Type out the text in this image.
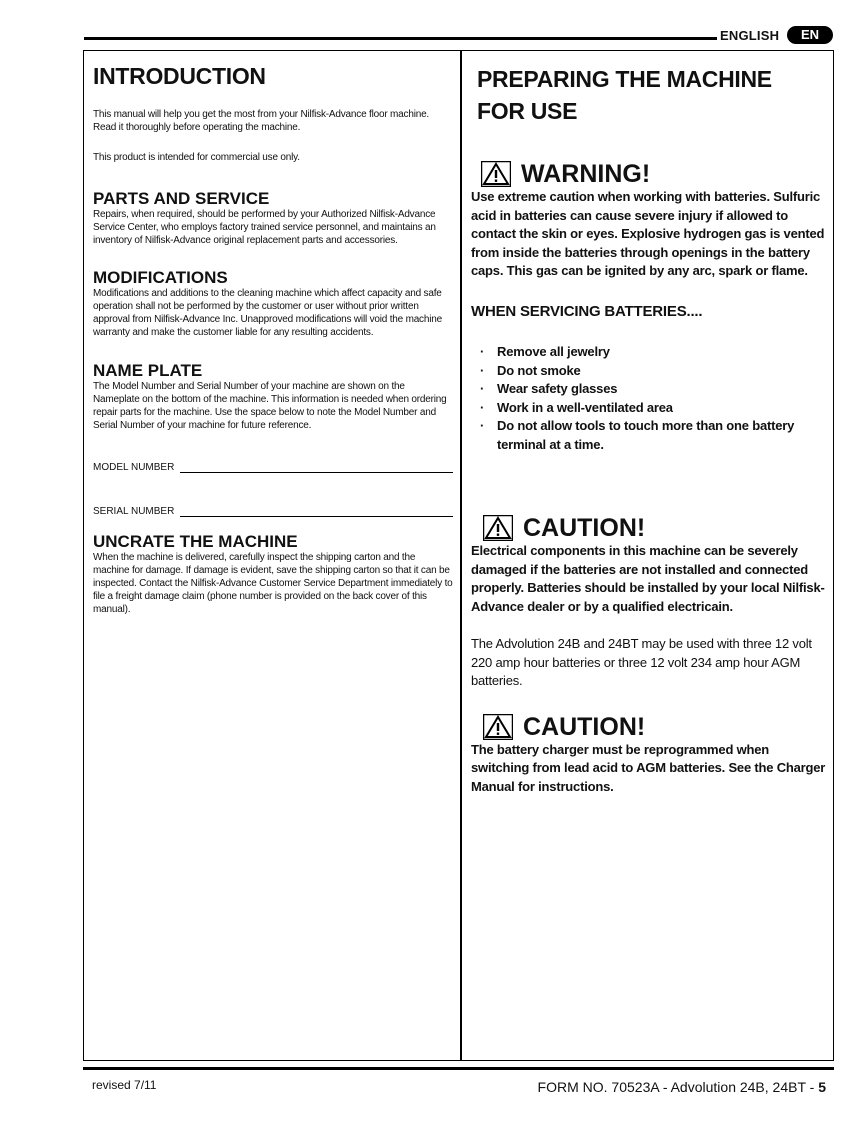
ENGLISH	EN
INTRODUCTION

This manual will help you get the most from your Nilfisk-Advance floor machine. Read it thoroughly before operating the machine.

This product is intended for commercial use only.

PARTS AND SERVICE

Repairs, when required, should be performed by your Authorized Nilfisk-Advance Service Center, who employs factory trained service personnel, and maintains an inventory of Nilfisk-Advance original replacement parts and accessories.

MODIFICATIONS

Modifications and additions to the cleaning machine which affect capacity and safe operation shall not be performed by the customer or user without prior written approval from Nilfisk-Advance Inc. Unapproved modifications will void the machine warranty and make the customer liable for any resulting accidents.

NAME PLATE

The Model Number and Serial Number of your machine are shown on the Nameplate on the bottom of the machine. This information is needed when ordering repair parts for the machine. Use the space below to note the Model Number and Serial Number of your machine for future reference.

MODEL NUMBER
SERIAL NUMBER
UNCRATE THE MACHINE

When the machine is delivered, carefully inspect the shipping carton and the machine for damage. If damage is evident, save the shipping carton so that it can be inspected. Contact the Nilfisk-Advance Customer Service Department immediately to file a freight damage claim (phone number is provided on the back cover of this manual).

PREPARING THE MACHINE
FOR USE
WARNING!

Use extreme caution when working with batteries. Sulfuric acid in batteries can cause severe injury if allowed to contact the skin or eyes. Explosive hydrogen gas is vented from inside the batteries through openings in the battery caps. This gas can be ignited by any arc, spark or flame.

WHEN SERVICING BATTERIES....

· Remove all jewelry
· Do not smoke
· Wear safety glasses
· Work in a well-ventilated area
· Do not allow tools to touch more than one battery terminal at a time.
CAUTION!

Electrical components in this machine can be severely damaged if the batteries are not installed and connected properly. Batteries should be installed by your local Nilfisk-Advance dealer or by a qualified electricain.

The Advolution 24B and 24BT may be used with three 12 volt 220 amp hour batteries or three 12 volt 234 amp hour AGM batteries.

CAUTION!

The battery charger must be reprogrammed when switching from lead acid to AGM batteries. See the Charger Manual for instructions.

revised 7/11	FORM NO. 70523A - Advolution 24B, 24BT - 5
